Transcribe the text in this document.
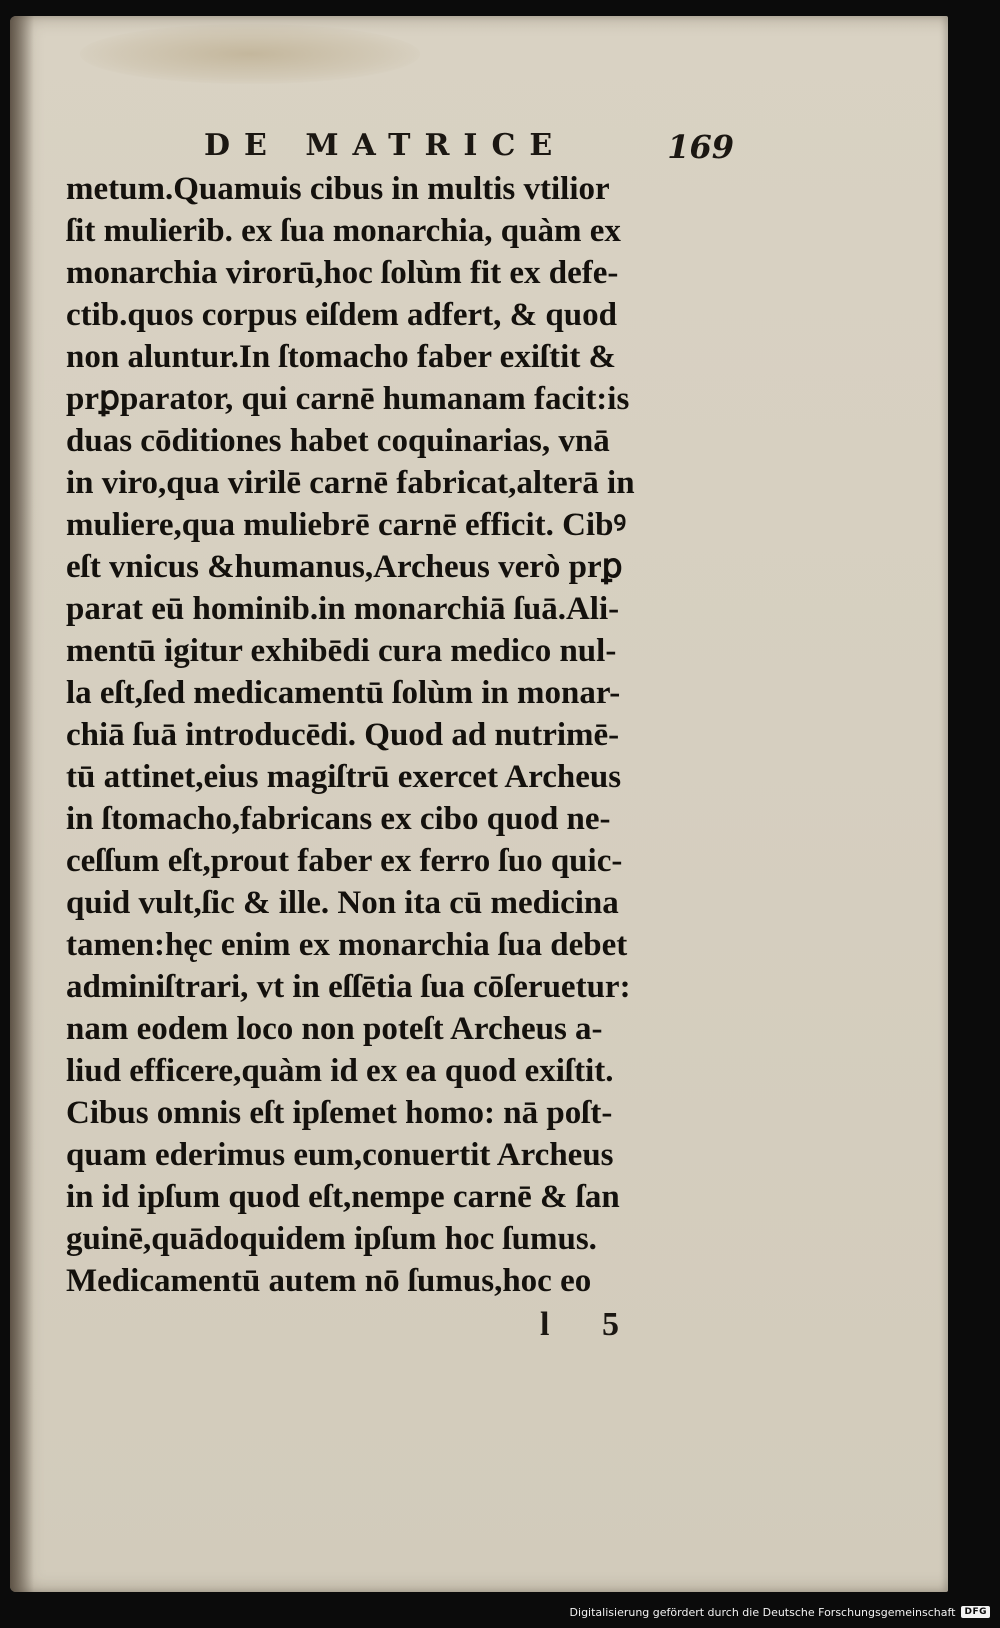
DE MATRICE	169
metum.Quamuis cibus in multis vtilior
ſit mulierib. ex ſua monarchia, quàm ex
monarchia virorū,hoc ſolùm fit ex defe-
ctib.quos corpus eiſdem adfert, & quod
non aluntur.In ſtomacho faber exiſtit &
prꝑparator, qui carnē humanam facit:is
duas cōditiones habet coquinarias, vnā
in viro,qua virilē carnē fabricat,alterā in
muliere,qua muliebrē carnē efficit. Cibꝰ
eſt vnicus &humanus,Archeus verò prꝑ
parat eū hominib.in monarchiā ſuā.Ali-
mentū igitur exhibēdi cura medico nul-
la eſt,ſed medicamentū ſolùm in monar-
chiā ſuā introducēdi. Quod ad nutrimē-
tū attinet,eius magiſtrū exercet Archeus
in ſtomacho,fabricans ex cibo quod ne-
ceſſum eſt,prout faber ex ferro ſuo quic-
quid vult,ſic & ille. Non ita cū medicina
tamen:hęc enim ex monarchia ſua debet
adminiſtrari, vt in eſſētia ſua cōſeruetur:
nam eodem loco non poteſt Archeus a-
liud efficere,quàm id ex ea quod exiſtit.
Cibus omnis eſt ipſemet homo: nā poſt-
quam ederimus eum,conuertit Archeus
in id ipſum quod eſt,nempe carnē & ſan
guinē,quādoquidem ipſum hoc ſumus.
Medicamentū autem nō ſumus,hoc eo
l 5
Digitalisierung gefördert durch die Deutsche Forschungsgemeinschaft	DFG
